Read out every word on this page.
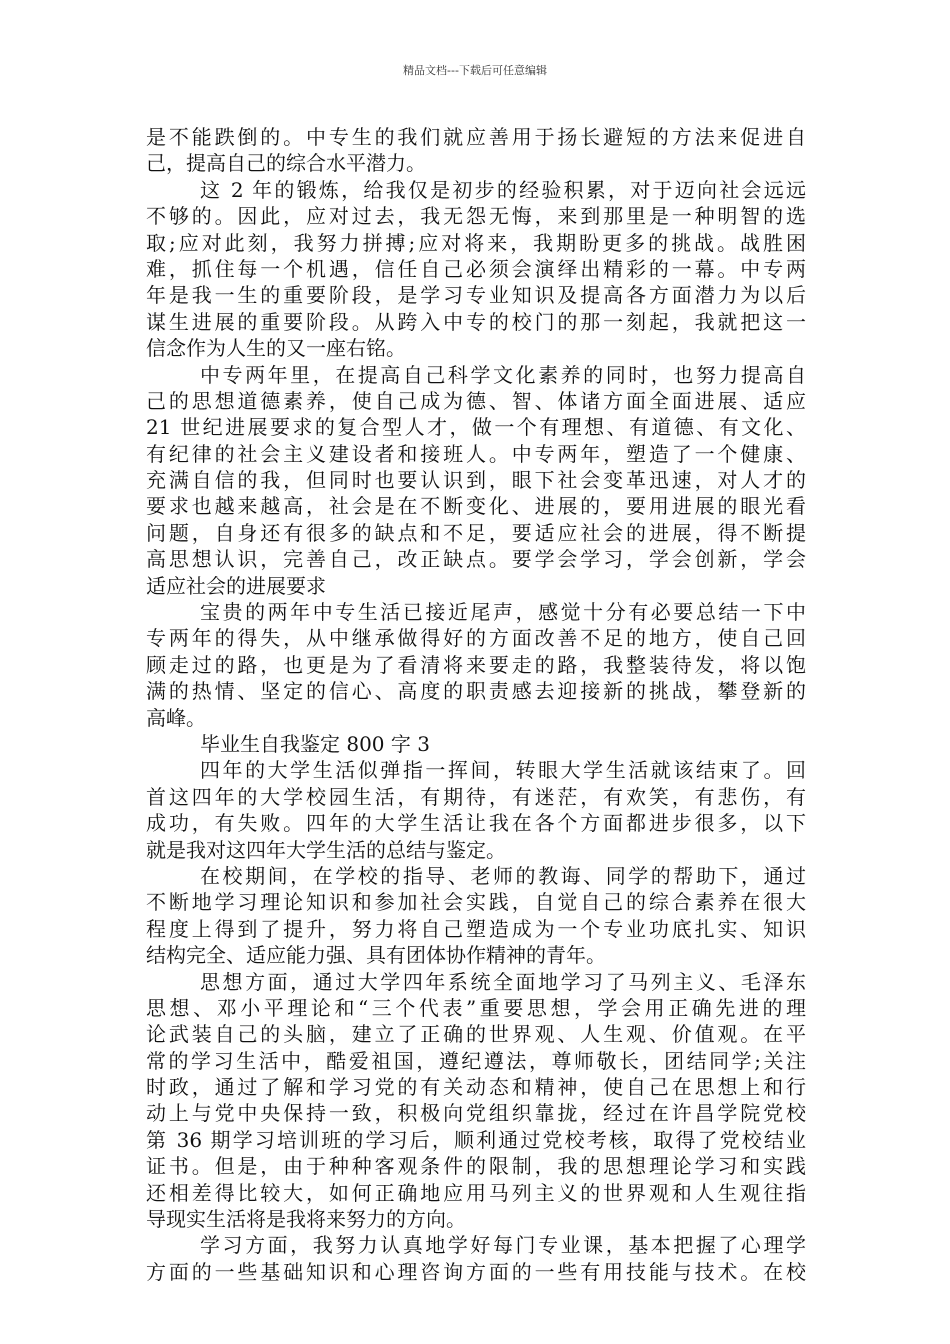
精品文档---下载后可任意编辑
是不能跌倒的。中专生的我们就应善用于扬长避短的方法来促进自
己，提高自己的综合水平潜力。
这 2 年的锻炼，给我仅是初步的经验积累，对于迈向社会远远
不够的。因此，应对过去，我无怨无悔，来到那里是一种明智的选
取;应对此刻，我努力拼搏;应对将来，我期盼更多的挑战。战胜困
难，抓住每一个机遇，信任自己必须会演绎出精彩的一幕。中专两
年是我一生的重要阶段，是学习专业知识及提高各方面潜力为以后
谋生进展的重要阶段。从跨入中专的校门的那一刻起，我就把这一
信念作为人生的又一座右铭。
中专两年里，在提高自己科学文化素养的同时，也努力提高自
己的思想道德素养，使自己成为德、智、体诸方面全面进展、适应
21 世纪进展要求的复合型人才，做一个有理想、有道德、有文化、
有纪律的社会主义建设者和接班人。中专两年，塑造了一个健康、
充满自信的我，但同时也要认识到，眼下社会变革迅速，对人才的
要求也越来越高，社会是在不断变化、进展的，要用进展的眼光看
问题，自身还有很多的缺点和不足，要适应社会的进展，得不断提
高思想认识，完善自己，改正缺点。要学会学习，学会创新，学会
适应社会的进展要求
宝贵的两年中专生活已接近尾声，感觉十分有必要总结一下中
专两年的得失，从中继承做得好的方面改善不足的地方，使自己回
顾走过的路，也更是为了看清将来要走的路，我整装待发，将以饱
满的热情、坚定的信心、高度的职责感去迎接新的挑战，攀登新的
高峰。
毕业生自我鉴定 800 字 3
四年的大学生活似弹指一挥间，转眼大学生活就该结束了。回
首这四年的大学校园生活，有期待，有迷茫，有欢笑，有悲伤，有
成功，有失败。四年的大学生活让我在各个方面都进步很多，以下
就是我对这四年大学生活的总结与鉴定。
在校期间，在学校的指导、老师的教诲、同学的帮助下，通过
不断地学习理论知识和参加社会实践，自觉自己的综合素养在很大
程度上得到了提升，努力将自己塑造成为一个专业功底扎实、知识
结构完全、适应能力强、具有团体协作精神的青年。
思想方面，通过大学四年系统全面地学习了马列主义、毛泽东
思想、邓小平理论和“三个代表”重要思想，学会用正确先进的理
论武装自己的头脑，建立了正确的世界观、人生观、价值观。在平
常的学习生活中，酷爱祖国，遵纪遵法，尊师敬长，团结同学;关注
时政，通过了解和学习党的有关动态和精神，使自己在思想上和行
动上与党中央保持一致，积极向党组织靠拢，经过在许昌学院党校
第 36 期学习培训班的学习后，顺利通过党校考核，取得了党校结业
证书。但是，由于种种客观条件的限制，我的思想理论学习和实践
还相差得比较大，如何正确地应用马列主义的世界观和人生观往指
导现实生活将是我将来努力的方向。
学习方面，我努力认真地学好每门专业课，基本把握了心理学
方面的一些基础知识和心理咨询方面的一些有用技能与技术。在校
